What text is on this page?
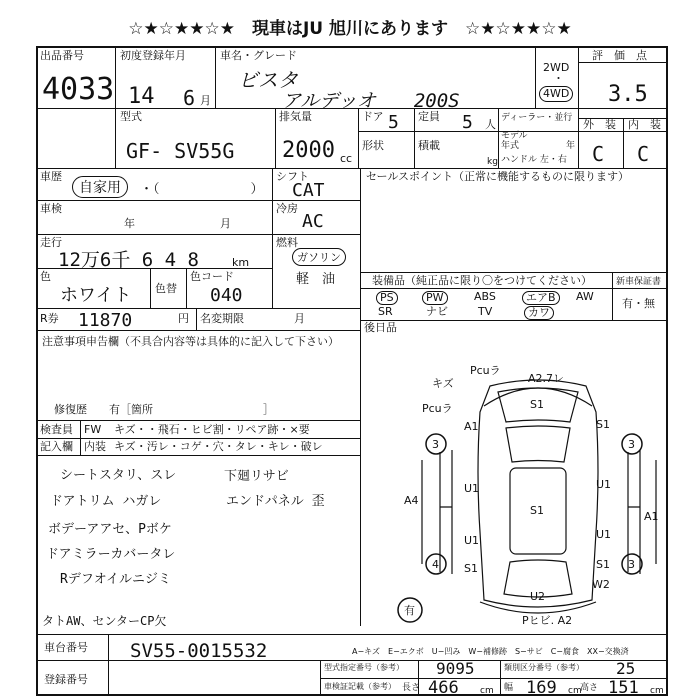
☆★☆★★☆★　現車はJU 旭川にあります　☆★☆★★☆★
出品番号
4033
初度登録年月
14 6 月
車名・グレード
ビスタ
アルデッオ　　200S
2WD
・
4WD
評　価　点
3.5
型式
GF- SV55G
排気量
2000 cc
ドア 5 定員 5 人 ディーラー・並行
モデル
年式	年
ハンドル 左・右
形状	積載
kg
外　装 内　装
C C
車歴
自家用	・（　　　　　　　）
シフト
CAT
セールスポイント（正常に機能するものに限ります）
車検
年	月
冷房
AC
走行
12万6千 6 4 8	km
燃料
ガソリン
軽　油
色
ホワイト 色替
色コード
040
R券 11870	円 名変期限	月
装備品（純正品に限り〇をつけてください）	新車保証書
有・無
後日品
PS	PW	ABS	エアB	AW
SR	ナビ	TV	カワ
注意事項申告欄（不具合内容等は具体的に記入して下さい）
修復歴　　有［箇所　　　　　　　　　　］
検査員
記入欄
FW キズ・・飛石・ヒビ割・リペア跡・×要
内装 キズ・汚レ・コゲ・穴・タレ・キレ・破レ
シートスタリ、スレ
ドアトリム ハガレ
ボデーアアセ、Pボケ
ドアミラーカバータレ
Rデフオイルニジミ
タトAW、センターCP欠
下廻リサビ
エンドパネル 歪
Pcuラ
キズ
Pcuラ
A2.7レ
S1
A1	S1
3	3
U1	U1
A4
A1
S1
U1	U1
4	3
S1	S1
W2
U2
Pヒビ. A2
有
車台番号 SV55-0015532
登録番号
A−キズ　E−エクボ　U−凹み　W−補修跡　S−サビ　C−腐食　XX−交換済
型式指定番号（参考） 9095	類別区分番号（参考） 25
車検証記載（参考） 長さ 466 cm 幅 169 cm
高さ 151 cm
